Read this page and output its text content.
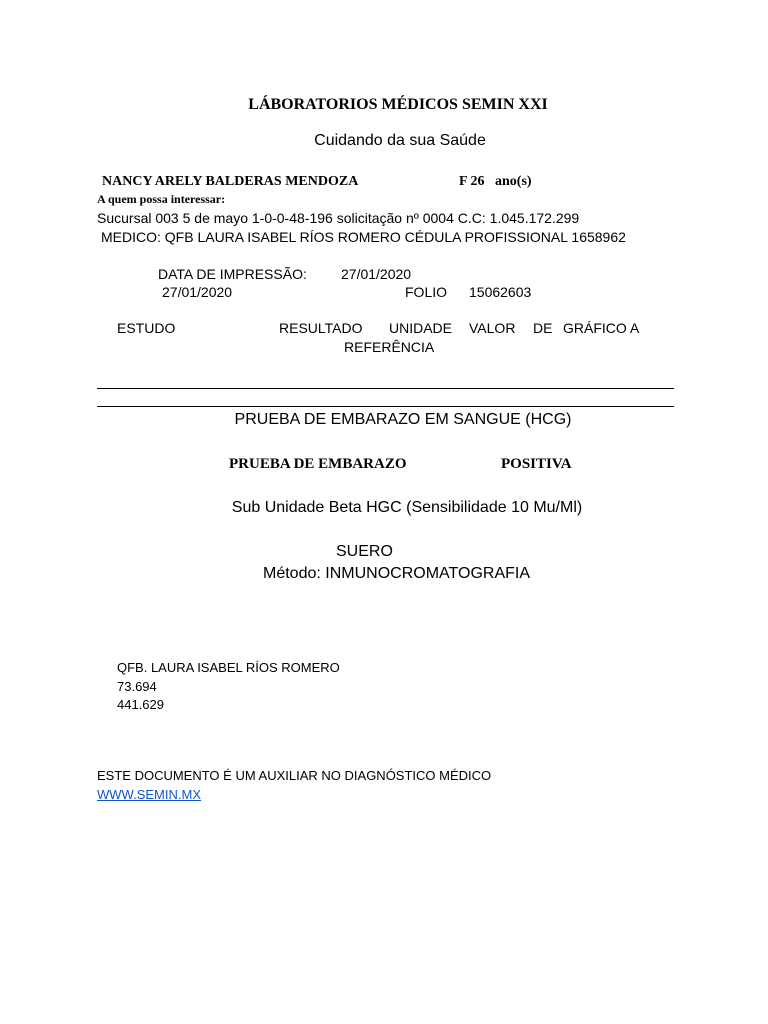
LÁBORATORIOS MÉDICOS SEMIN XXI
Cuidando da sua Saúde
NANCY ARELY BALDERAS MENDOZA	F 26 ano(s)
A quem possa interessar:
Sucursal 003 5 de mayo 1-0-0-48-196 solicitação nº 0004 C.C: 1.045.172.299
MEDICO: QFB LAURA ISABEL RÍOS ROMERO CÉDULA PROFISSIONAL 1658962
DATA DE IMPRESSÃO: 27/01/2020
27/01/2020	FOLIO 15062603
ESTUDO	RESULTADO UNIDADE VALOR DE GRÁFICO A
REFERÊNCIA
PRUEBA DE EMBARAZO EM SANGUE (HCG)
PRUEBA DE EMBARAZO	POSITIVA
Sub Unidade Beta HGC (Sensibilidade 10 Mu/Ml)
SUERO
Método: INMUNOCROMATOGRAFIA
QFB. LAURA ISABEL RÍOS ROMERO
73.694
441.629
ESTE DOCUMENTO É UM AUXILIAR NO DIAGNÓSTICO MÉDICO
WWW.SEMIN.MX
